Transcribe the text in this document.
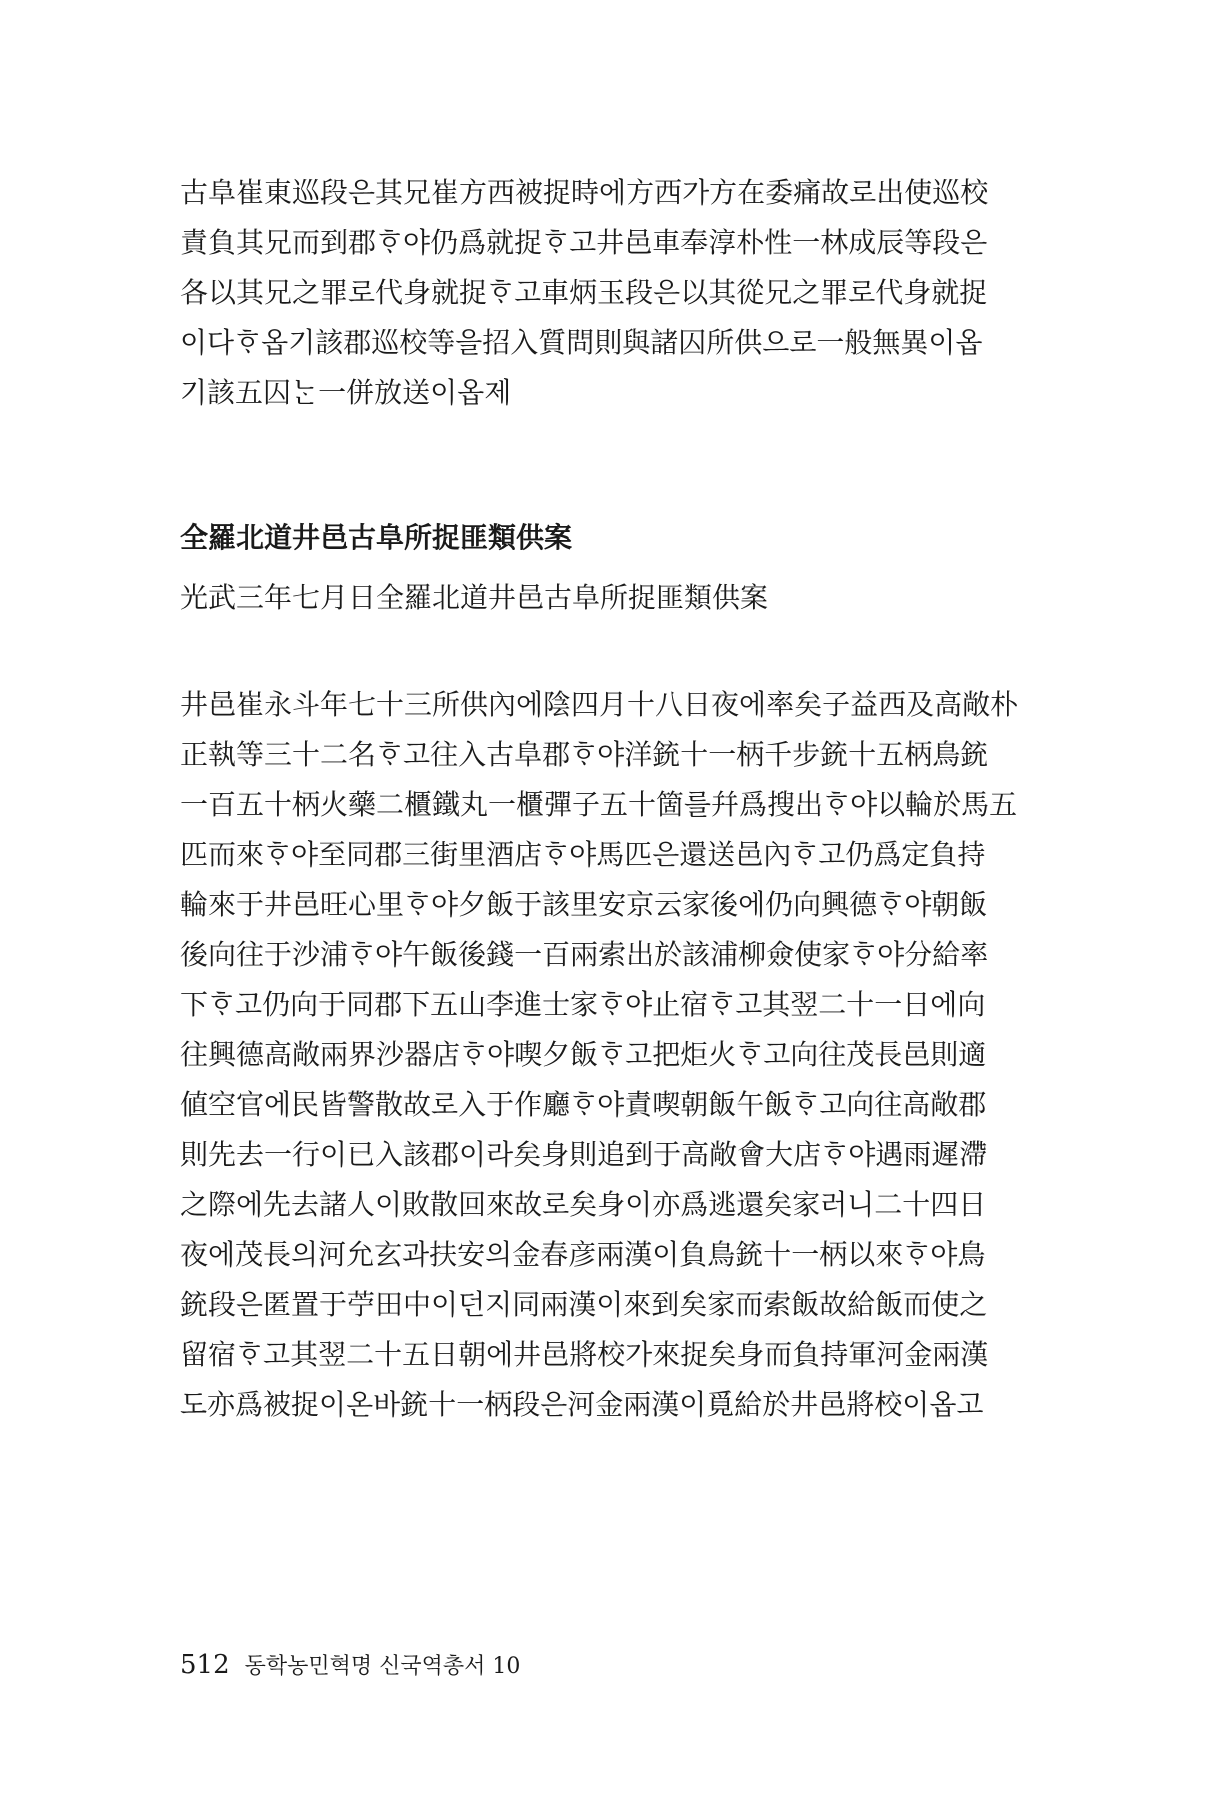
古阜崔東巡段은其兄崔方西被捉時에方西가方在委痛故로出使巡校
責負其兄而到郡ᄒᆞ야仍爲就捉ᄒᆞ고井邑車奉淳朴性一林成辰等段은
各以其兄之罪로代身就捉ᄒᆞ고車炳玉段은以其從兄之罪로代身就捉
이다ᄒᆞ옵기該郡巡校等을招入質問則與諸囚所供으로一般無異이옵
기該五囚ᄂᆞᆫ一併放送이옵제
全羅北道井邑古阜所捉匪類供案
光武三年七月日全羅北道井邑古阜所捉匪類供案
井邑崔永斗年七十三所供內에陰四月十八日夜에率矣子益西及高敞朴
正執等三十二名ᄒᆞ고往入古阜郡ᄒᆞ야洋銃十一柄千步銃十五柄鳥銃
一百五十柄火藥二櫃鐵丸一櫃彈子五十箇를幷爲搜出ᄒᆞ야以輪於馬五
匹而來ᄒᆞ야至同郡三街里酒店ᄒᆞ야馬匹은還送邑內ᄒᆞ고仍爲定負持
輪來于井邑旺心里ᄒᆞ야夕飯于該里安京云家後에仍向興德ᄒᆞ야朝飯
後向往于沙浦ᄒᆞ야午飯後錢一百兩索出於該浦柳僉使家ᄒᆞ야分給率
下ᄒᆞ고仍向于同郡下五山李進士家ᄒᆞ야止宿ᄒᆞ고其翌二十一日에向
往興德高敞兩界沙器店ᄒᆞ야喫夕飯ᄒᆞ고把炬火ᄒᆞ고向往茂長邑則適
値空官에民皆警散故로入于作廳ᄒᆞ야責喫朝飯午飯ᄒᆞ고向往高敞郡
則先去一行이已入該郡이라矣身則追到于高敞會大店ᄒᆞ야遇雨遲滯
之際에先去諸人이敗散回來故로矣身이亦爲逃還矣家러니二十四日
夜에茂長의河允玄과扶安의金春彦兩漢이負鳥銃十一柄以來ᄒᆞ야鳥
銃段은匿置于苧田中이던지同兩漢이來到矣家而索飯故給飯而使之
留宿ᄒᆞ고其翌二十五日朝에井邑將校가來捉矣身而負持軍河金兩漢
도亦爲被捉이온바銃十一柄段은河金兩漢이覓給於井邑將校이옵고
512 동학농민혁명 신국역총서 10
